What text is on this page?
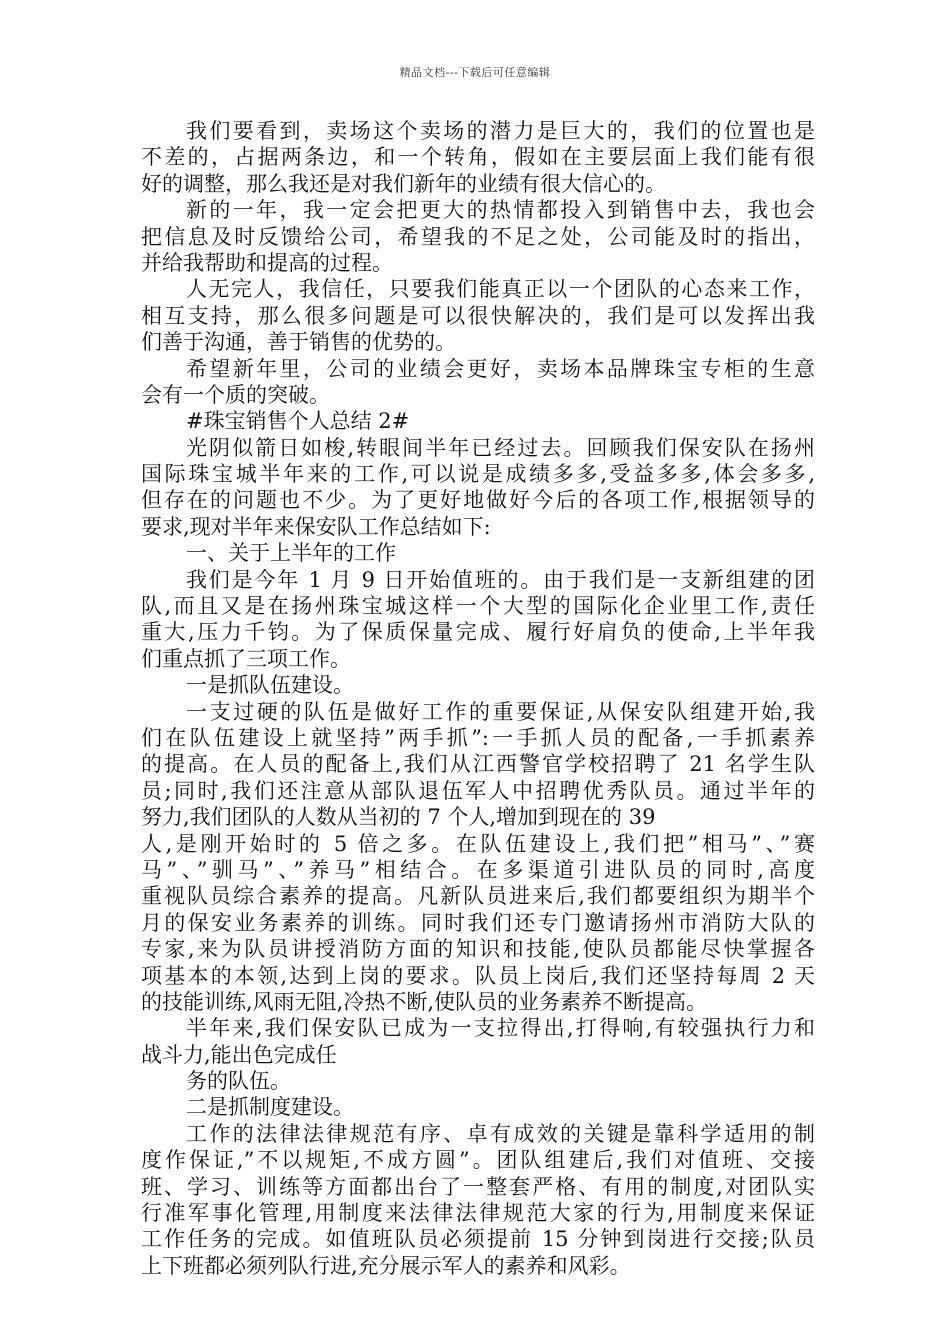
精品文档---下载后可任意编辑
我们要看到，卖场这个卖场的潜力是巨大的，我们的位置也是
不差的，占据两条边，和一个转角，假如在主要层面上我们能有很
好的调整，那么我还是对我们新年的业绩有很大信心的。
新的一年，我一定会把更大的热情都投入到销售中去，我也会
把信息及时反馈给公司，希望我的不足之处，公司能及时的指出，
并给我帮助和提高的过程。
人无完人，我信任，只要我们能真正以一个团队的心态来工作，
相互支持，那么很多问题是可以很快解决的，我们是可以发挥出我
们善于沟通，善于销售的优势的。
希望新年里，公司的业绩会更好，卖场本品牌珠宝专柜的生意
会有一个质的突破。
#珠宝销售个人总结 2#
光阴似箭日如梭,转眼间半年已经过去。回顾我们保安队在扬州
国际珠宝城半年来的工作,可以说是成绩多多,受益多多,体会多多,
但存在的问题也不少。为了更好地做好今后的各项工作,根据领导的
要求,现对半年来保安队工作总结如下:
一、关于上半年的工作
我们是今年 1 月 9 日开始值班的。由于我们是一支新组建的团
队,而且又是在扬州珠宝城这样一个大型的国际化企业里工作,责任
重大,压力千钧。为了保质保量完成、履行好肩负的使命,上半年我
们重点抓了三项工作。
一是抓队伍建设。
一支过硬的队伍是做好工作的重要保证,从保安队组建开始,我
们在队伍建设上就坚持”两手抓”:一手抓人员的配备,一手抓素养
的提高。在人员的配备上,我们从江西警官学校招聘了 21 名学生队
员;同时,我们还注意从部队退伍军人中招聘优秀队员。通过半年的
努力,我们团队的人数从当初的 7 个人,增加到现在的 39
人,是刚开始时的 5 倍之多。在队伍建设上,我们把”相马”、”赛
马”、”驯马”、”养马”相结合。在多渠道引进队员的同时,高度
重视队员综合素养的提高。凡新队员进来后,我们都要组织为期半个
月的保安业务素养的训练。同时我们还专门邀请扬州市消防大队的
专家,来为队员讲授消防方面的知识和技能,使队员都能尽快掌握各
项基本的本领,达到上岗的要求。队员上岗后,我们还坚持每周 2 天
的技能训练,风雨无阻,冷热不断,使队员的业务素养不断提高。
半年来,我们保安队已成为一支拉得出,打得响,有较强执行力和
战斗力,能出色完成任
务的队伍。
二是抓制度建设。
工作的法律法律规范有序、卓有成效的关键是靠科学适用的制
度作保证,”不以规矩,不成方圆”。团队组建后,我们对值班、交接
班、学习、训练等方面都出台了一整套严格、有用的制度,对团队实
行准军事化管理,用制度来法律法律规范大家的行为,用制度来保证
工作任务的完成。如值班队员必须提前 15 分钟到岗进行交接;队员
上下班都必须列队行进,充分展示军人的素养和风彩。
